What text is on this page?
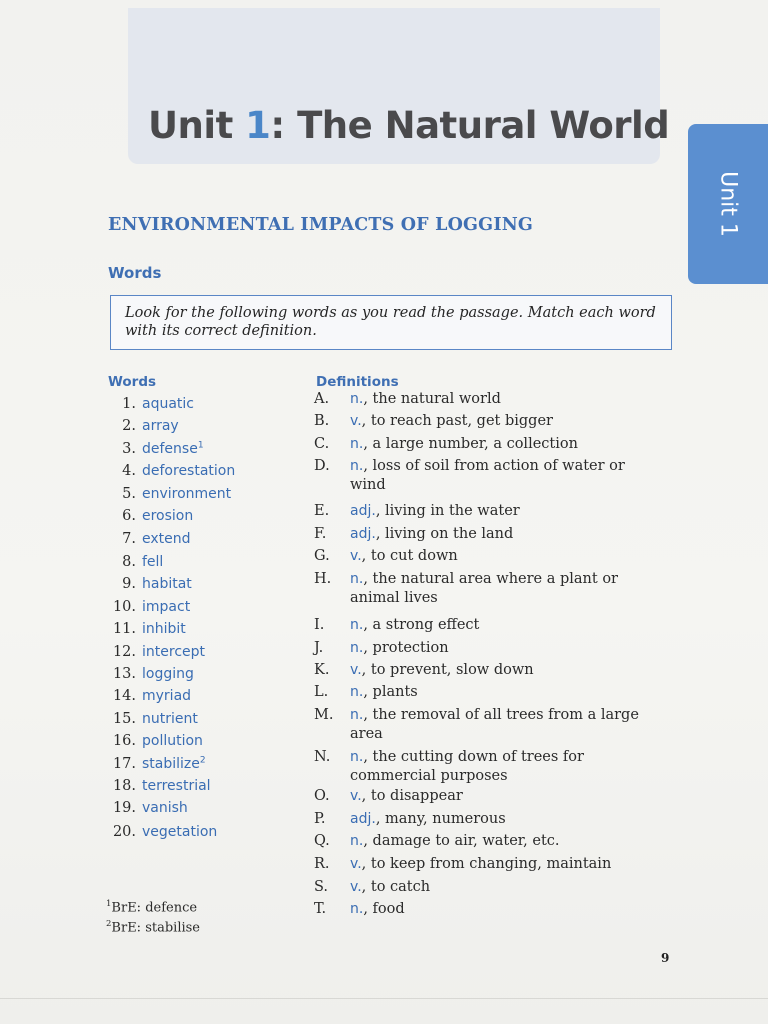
Unit 1: The Natural World
Unit 1
ENVIRONMENTAL IMPACTS OF LOGGING
Words
Look for the following words as you read the passage. Match each word with its correct definition.
Words	Definitions
1. aquatic
2. array
3. defense$^1$
4. deforestation
5. environment
6. erosion
7. extend
8. fell
9. habitat
10. impact
11. inhibit
12. intercept
13. logging
14. myriad
15. nutrient
16. pollution
17. stabilize$^2$
18. terrestrial
19. vanish
20. vegetation
A.	n., the natural world
B.	v., to reach past, get bigger
C.	n., a large number, a collection
D.	n., loss of soil from action of water or wind
E.	adj., living in the water
F.	adj., living on the land
G.	v., to cut down
H.	n., the natural area where a plant or animal lives
I.	n., a strong effect
J.	n., protection
K.	v., to prevent, slow down
L.	n., plants
M.	n., the removal of all trees from a large area
N.	n., the cutting down of trees for commercial purposes
O.	v., to disappear
P.	adj., many, numerous
Q.	n., damage to air, water, etc.
R.	v., to keep from changing, maintain
S.	v., to catch
T.	n., food
$^1$BrE: defence
$^2$BrE: stabilise
9
